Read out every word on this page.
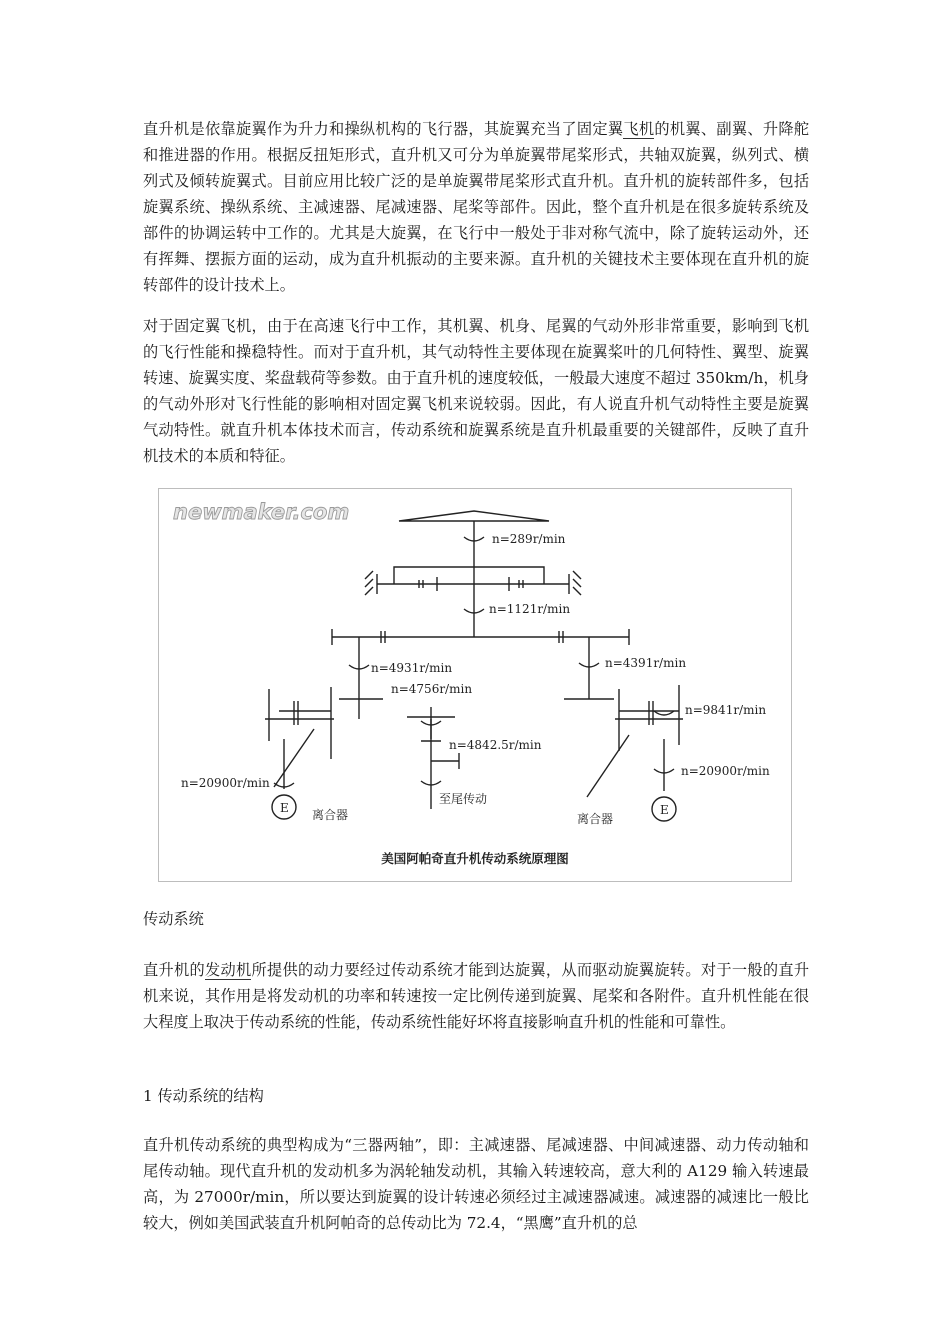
直升机是依靠旋翼作为升力和操纵机构的飞行器，其旋翼充当了固定翼飞机的机翼、副翼、升降舵和推进器的作用。根据反扭矩形式，直升机又可分为单旋翼带尾桨形式，共轴双旋翼，纵列式、横列式及倾转旋翼式。目前应用比较广泛的是单旋翼带尾桨形式直升机。直升机的旋转部件多，包括旋翼系统、操纵系统、主减速器、尾减速器、尾桨等部件。因此，整个直升机是在很多旋转系统及部件的协调运转中工作的。尤其是大旋翼，在飞行中一般处于非对称气流中，除了旋转运动外，还有挥舞、摆振方面的运动，成为直升机振动的主要来源。直升机的关键技术主要体现在直升机的旋转部件的设计技术上。

对于固定翼飞机，由于在高速飞行中工作，其机翼、机身、尾翼的气动外形非常重要，影响到飞机的飞行性能和操稳特性。而对于直升机，其气动特性主要体现在旋翼桨叶的几何特性、翼型、旋翼转速、旋翼实度、桨盘载荷等参数。由于直升机的速度较低，一般最大速度不超过 350km/h，机身的气动外形对飞行性能的影响相对固定翼飞机来说较弱。因此，有人说直升机气动特性主要是旋翼气动特性。就直升机本体技术而言，传动系统和旋翼系统是直升机最重要的关键部件，反映了直升机技术的本质和特征。

newmaker.com
n=289r/min
n=1121r/min
n=4931r/min
n=4756r/min
n=4391r/min
n=9841r/min
n=4842.5r/min
n=20900r/min
n=20900r/min
至尾传动
离合器	离合器
E	E
美国阿帕奇直升机传动系统原理图

传动系统

直升机的发动机所提供的动力要经过传动系统才能到达旋翼，从而驱动旋翼旋转。对于一般的直升机来说，其作用是将发动机的功率和转速按一定比例传递到旋翼、尾桨和各附件。直升机性能在很大程度上取决于传动系统的性能，传动系统性能好坏将直接影响直升机的性能和可靠性。

1 传动系统的结构

直升机传动系统的典型构成为“三器两轴”，即：主减速器、尾减速器、中间减速器、动力传动轴和尾传动轴。现代直升机的发动机多为涡轮轴发动机，其输入转速较高，意大利的 A129 输入转速最高，为 27000r/min，所以要达到旋翼的设计转速必须经过主减速器减速。减速器的减速比一般比较大，例如美国武装直升机阿帕奇的总传动比为 72.4，“黑鹰”直升机的总
